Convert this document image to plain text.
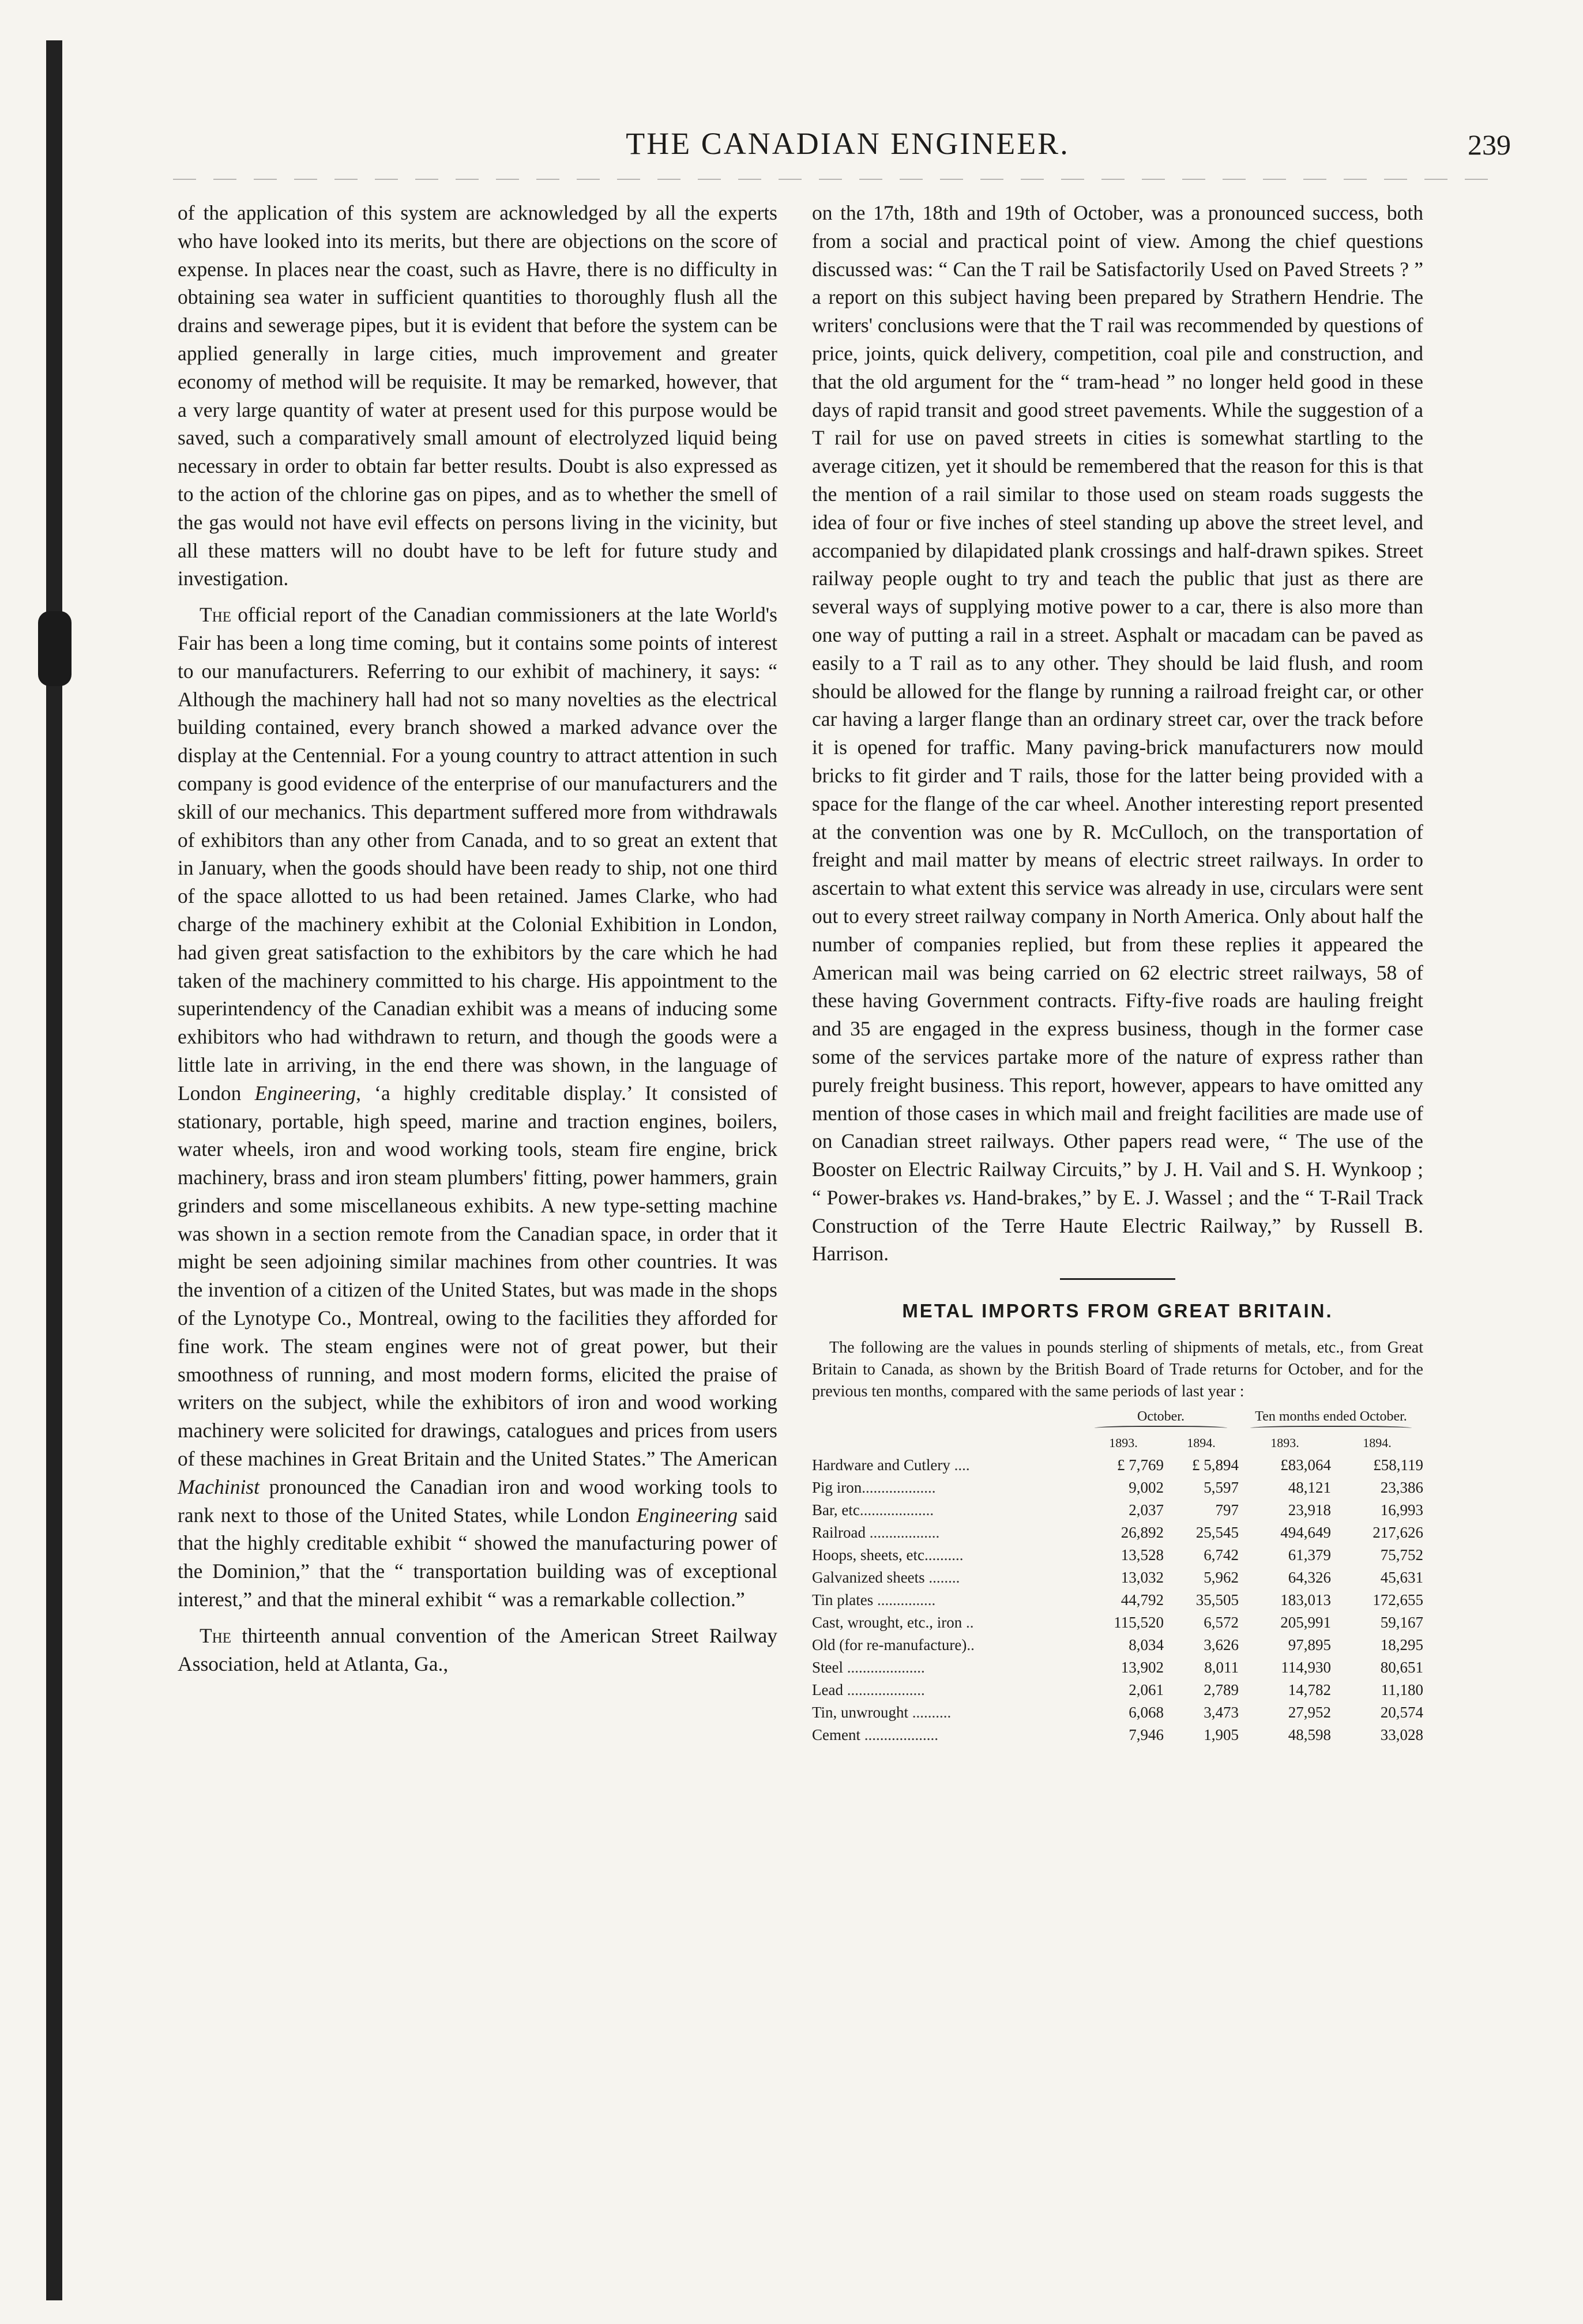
THE CANADIAN ENGINEER.	239

of the application of this system are acknowledged by all the experts who have looked into its merits, but there are objections on the score of expense. In places near the coast, such as Havre, there is no difficulty in obtaining sea water in sufficient quantities to thoroughly flush all the drains and sewerage pipes, but it is evident that before the system can be applied generally in large cities, much improvement and greater economy of method will be requisite. It may be remarked, however, that a very large quantity of water at present used for this purpose would be saved, such a comparatively small amount of electrolyzed liquid being necessary in order to obtain far better results. Doubt is also expressed as to the action of the chlorine gas on pipes, and as to whether the smell of the gas would not have evil effects on persons living in the vicinity, but all these matters will no doubt have to be left for future study and investigation.

The official report of the Canadian commissioners at the late World's Fair has been a long time coming, but it contains some points of interest to our manufacturers. Referring to our exhibit of machinery, it says: “ Although the machinery hall had not so many novelties as the electrical building contained, every branch showed a marked advance over the display at the Centennial. For a young country to attract attention in such company is good evidence of the enterprise of our manufacturers and the skill of our mechanics. This department suffered more from withdrawals of exhibitors than any other from Canada, and to so great an extent that in January, when the goods should have been ready to ship, not one third of the space allotted to us had been retained. James Clarke, who had charge of the machinery exhibit at the Colonial Exhibition in London, had given great satisfaction to the exhibitors by the care which he had taken of the machinery committed to his charge. His appointment to the superintendency of the Canadian exhibit was a means of inducing some exhibitors who had withdrawn to return, and though the goods were a little late in arriving, in the end there was shown, in the language of London Engineering, ‘a highly creditable display.’ It consisted of stationary, portable, high speed, marine and traction engines, boilers, water wheels, iron and wood working tools, steam fire engine, brick machinery, brass and iron steam plumbers' fitting, power hammers, grain grinders and some miscellaneous exhibits. A new type-setting machine was shown in a section remote from the Canadian space, in order that it might be seen adjoining similar machines from other countries. It was the invention of a citizen of the United States, but was made in the shops of the Lynotype Co., Montreal, owing to the facilities they afforded for fine work. The steam engines were not of great power, but their smoothness of running, and most modern forms, elicited the praise of writers on the subject, while the exhibitors of iron and wood working machinery were solicited for drawings, catalogues and prices from users of these machines in Great Britain and the United States.” The American Machinist pronounced the Canadian iron and wood working tools to rank next to those of the United States, while London Engineering said that the highly creditable exhibit “ showed the manufacturing power of the Dominion,” that the “ transportation building was of exceptional interest,” and that the mineral exhibit “ was a remarkable collection.”

The thirteenth annual convention of the American Street Railway Association, held at Atlanta, Ga.,

on the 17th, 18th and 19th of October, was a pronounced success, both from a social and practical point of view. Among the chief questions discussed was: “ Can the T rail be Satisfactorily Used on Paved Streets ? ” a report on this subject having been prepared by Strathern Hendrie. The writers' conclusions were that the T rail was recommended by questions of price, joints, quick delivery, competition, coal pile and construction, and that the old argument for the “ tram-head ” no longer held good in these days of rapid transit and good street pavements. While the suggestion of a T rail for use on paved streets in cities is somewhat startling to the average citizen, yet it should be remembered that the reason for this is that the mention of a rail similar to those used on steam roads suggests the idea of four or five inches of steel standing up above the street level, and accompanied by dilapidated plank crossings and half-drawn spikes. Street railway people ought to try and teach the public that just as there are several ways of supplying motive power to a car, there is also more than one way of putting a rail in a street. Asphalt or macadam can be paved as easily to a T rail as to any other. They should be laid flush, and room should be allowed for the flange by running a railroad freight car, or other car having a larger flange than an ordinary street car, over the track before it is opened for traffic. Many paving-brick manufacturers now mould bricks to fit girder and T rails, those for the latter being provided with a space for the flange of the car wheel. Another interesting report presented at the convention was one by R. McCulloch, on the transportation of freight and mail matter by means of electric street railways. In order to ascertain to what extent this service was already in use, circulars were sent out to every street railway company in North America. Only about half the number of companies replied, but from these replies it appeared the American mail was being carried on 62 electric street railways, 58 of these having Government contracts. Fifty-five roads are hauling freight and 35 are engaged in the express business, though in the former case some of the services partake more of the nature of express rather than purely freight business. This report, however, appears to have omitted any mention of those cases in which mail and freight facilities are made use of on Canadian street railways. Other papers read were, “ The use of the Booster on Electric Railway Circuits,” by J. H. Vail and S. H. Wynkoop ; “ Power-brakes vs. Hand-brakes,” by E. J. Wassel ; and the “ T-Rail Track Construction of the Terre Haute Electric Railway,” by Russell B. Harrison.

METAL IMPORTS FROM GREAT BRITAIN.
The following are the values in pounds sterling of shipments of metals, etc., from Great Britain to Canada, as shown by the British Board of Trade returns for October, and for the previous ten months, compared with the same periods of last year :
	October.		Ten months ended October.	

	1893.	1894.	1893.	1894.
Hardware and Cutlery ....	£ 7,769	£ 5,894	£83,064	£58,119
Pig iron...................	9,002	5,597	48,121	23,386
Bar, etc...................	2,037	797	23,918	16,993
Railroad ..................	26,892	25,545	494,649	217,626
Hoops, sheets, etc..........	13,528	6,742	61,379	75,752
Galvanized sheets ........	13,032	5,962	64,326	45,631
Tin plates ...............	44,792	35,505	183,013	172,655
Cast, wrought, etc., iron ..	115,520	6,572	205,991	59,167
Old (for re-manufacture)..	8,034	3,626	97,895	18,295
Steel ....................	13,902	8,011	114,930	80,651
Lead ....................	2,061	2,789	14,782	11,180
Tin, unwrought ..........	6,068	3,473	27,952	20,574
Cement ...................	7,946	1,905	48,598	33,028
